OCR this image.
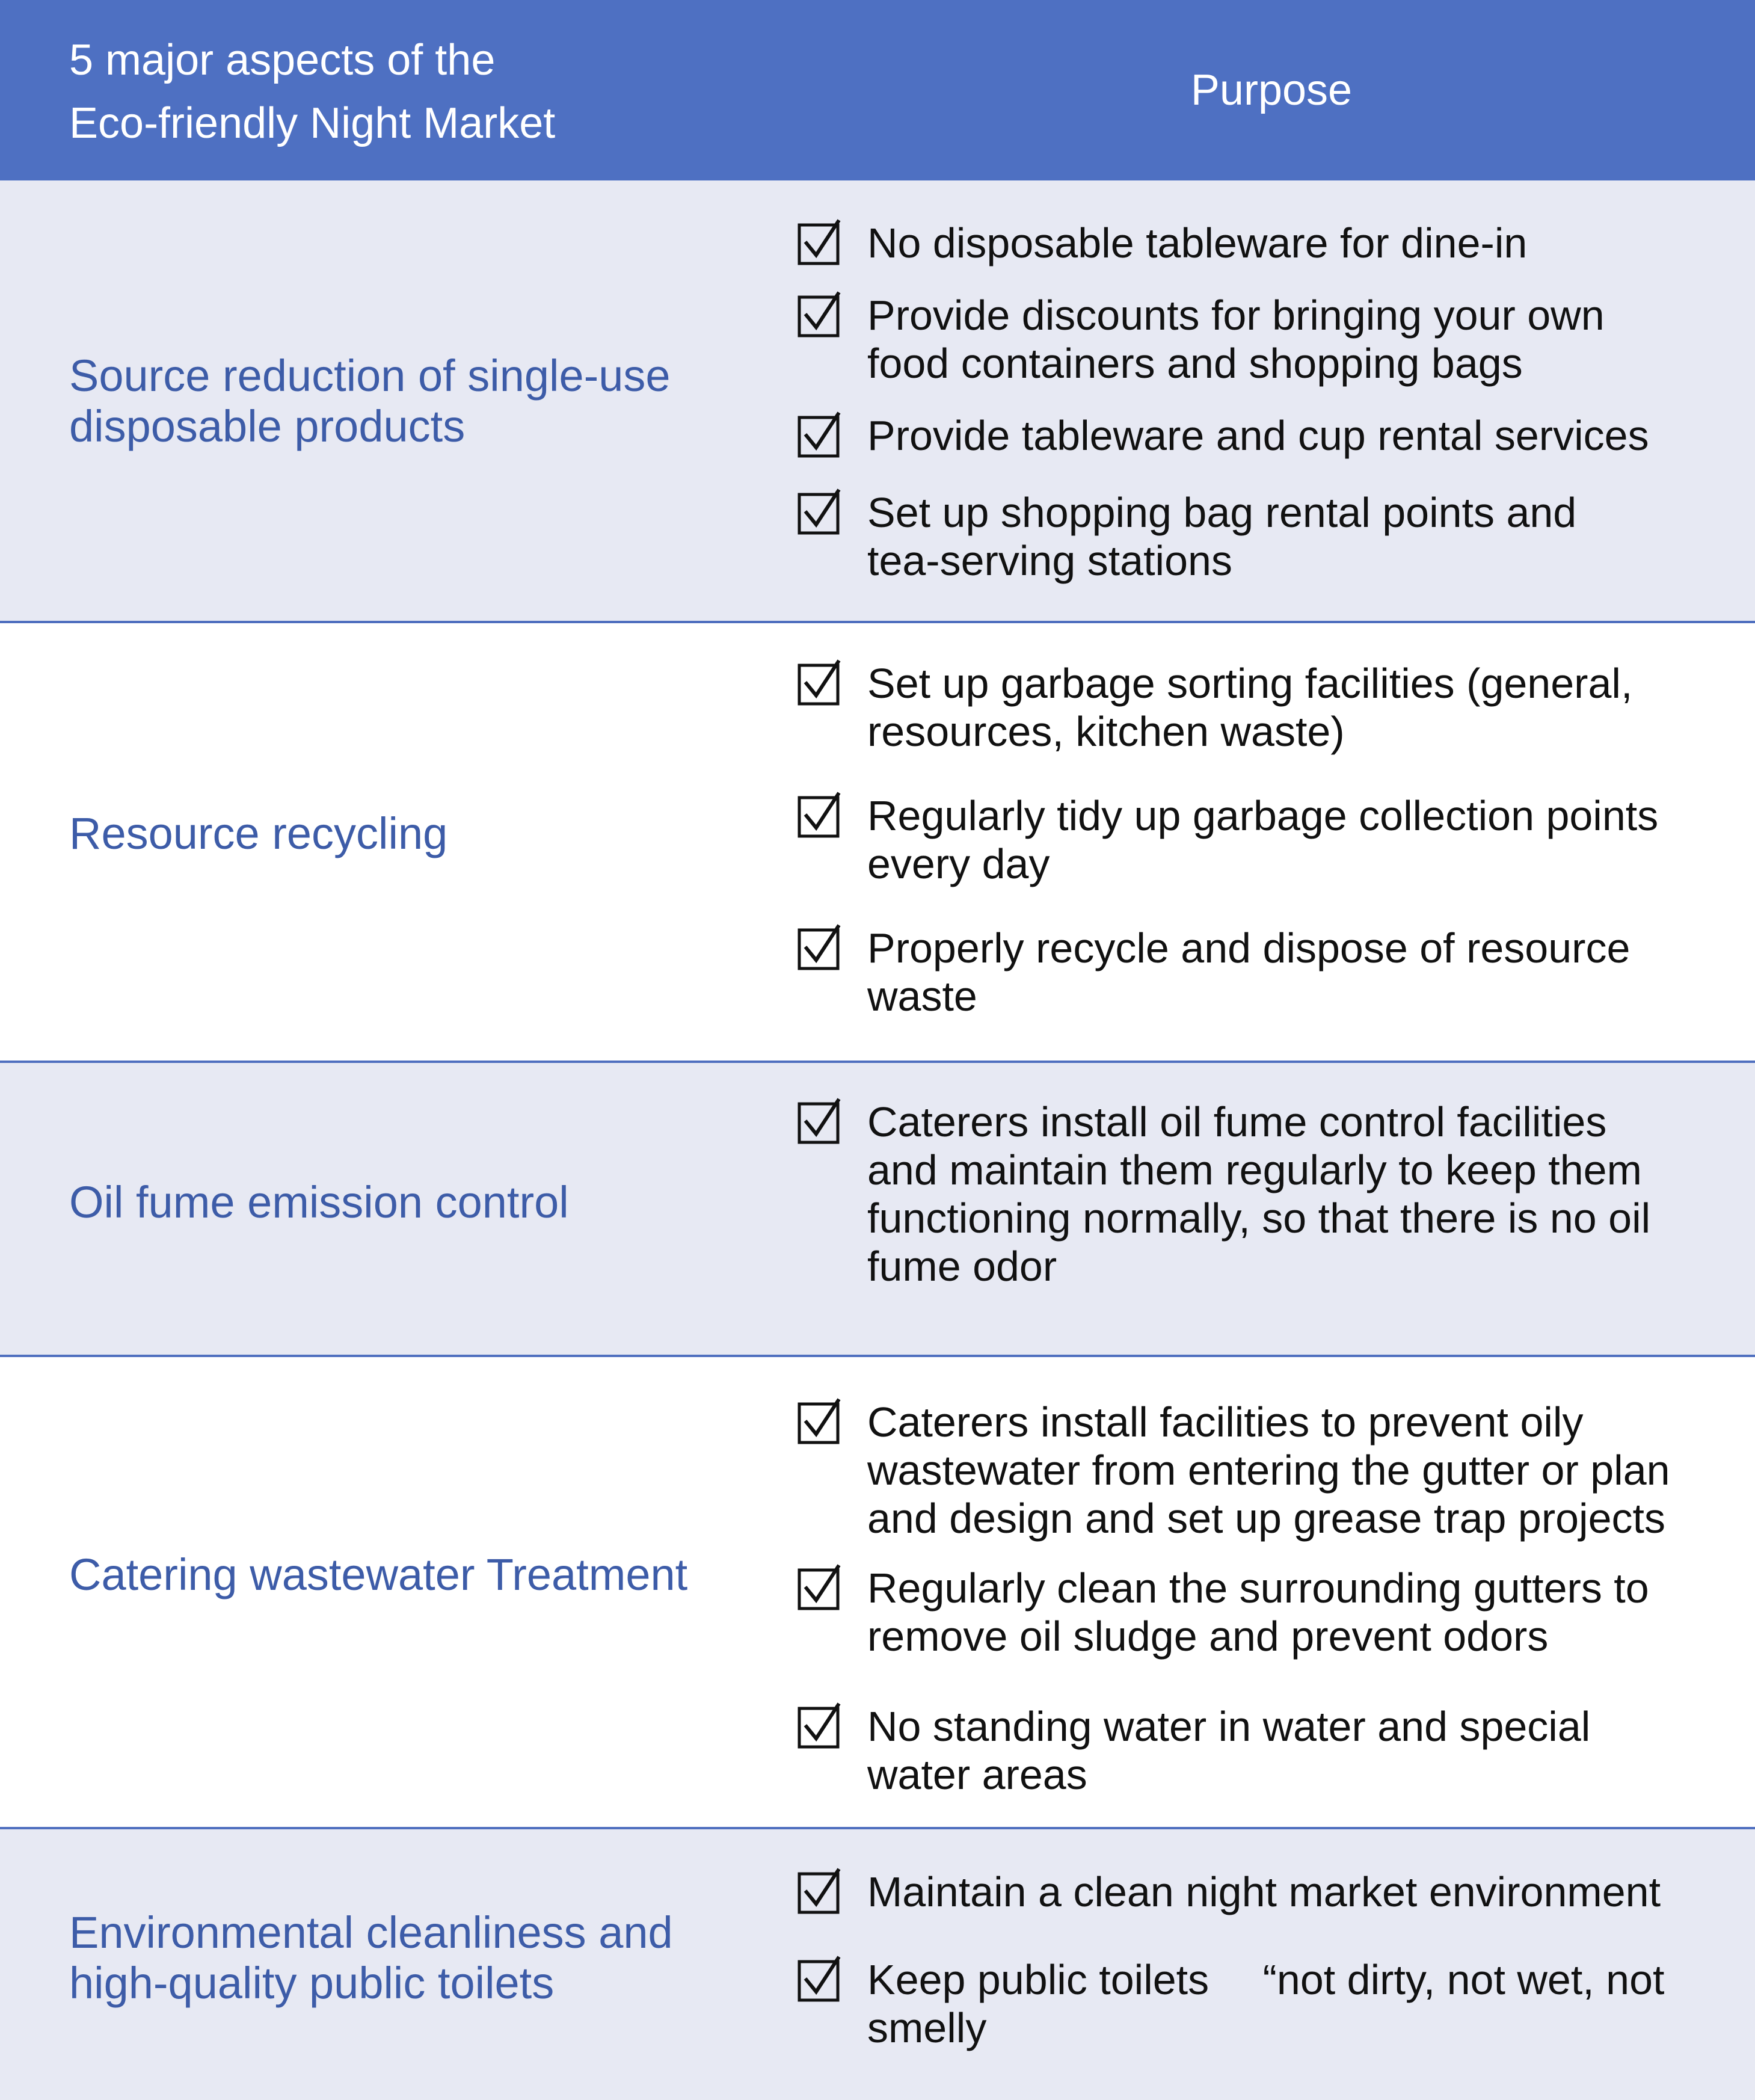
5 major aspects of the
Eco-friendly Night Market
Purpose
Source reduction of single-use
disposable products
No disposable tableware for dine-in
Provide discounts for bringing your own
food containers and shopping bags
Provide tableware and cup rental services
Set up shopping bag rental points and
tea-serving stations
Resource recycling
Set up garbage sorting facilities (general,
resources, kitchen waste)
Regularly tidy up garbage collection points
every day
Properly recycle and dispose of resource
waste
Oil fume emission control
Caterers install oil fume control facilities
and maintain them regularly to keep them
functioning normally, so that there is no oil
fume odor
Catering wastewater Treatment
Caterers install facilities to prevent oily
wastewater from entering the gutter or plan
and design and set up grease trap projects
Regularly clean the surrounding gutters to
remove oil sludge and prevent odors
No standing water in water and special
water areas
Environmental cleanliness and
high-quality public toilets
Maintain a clean night market environment
Keep public toilets 　“not dirty, not wet, not
smelly
